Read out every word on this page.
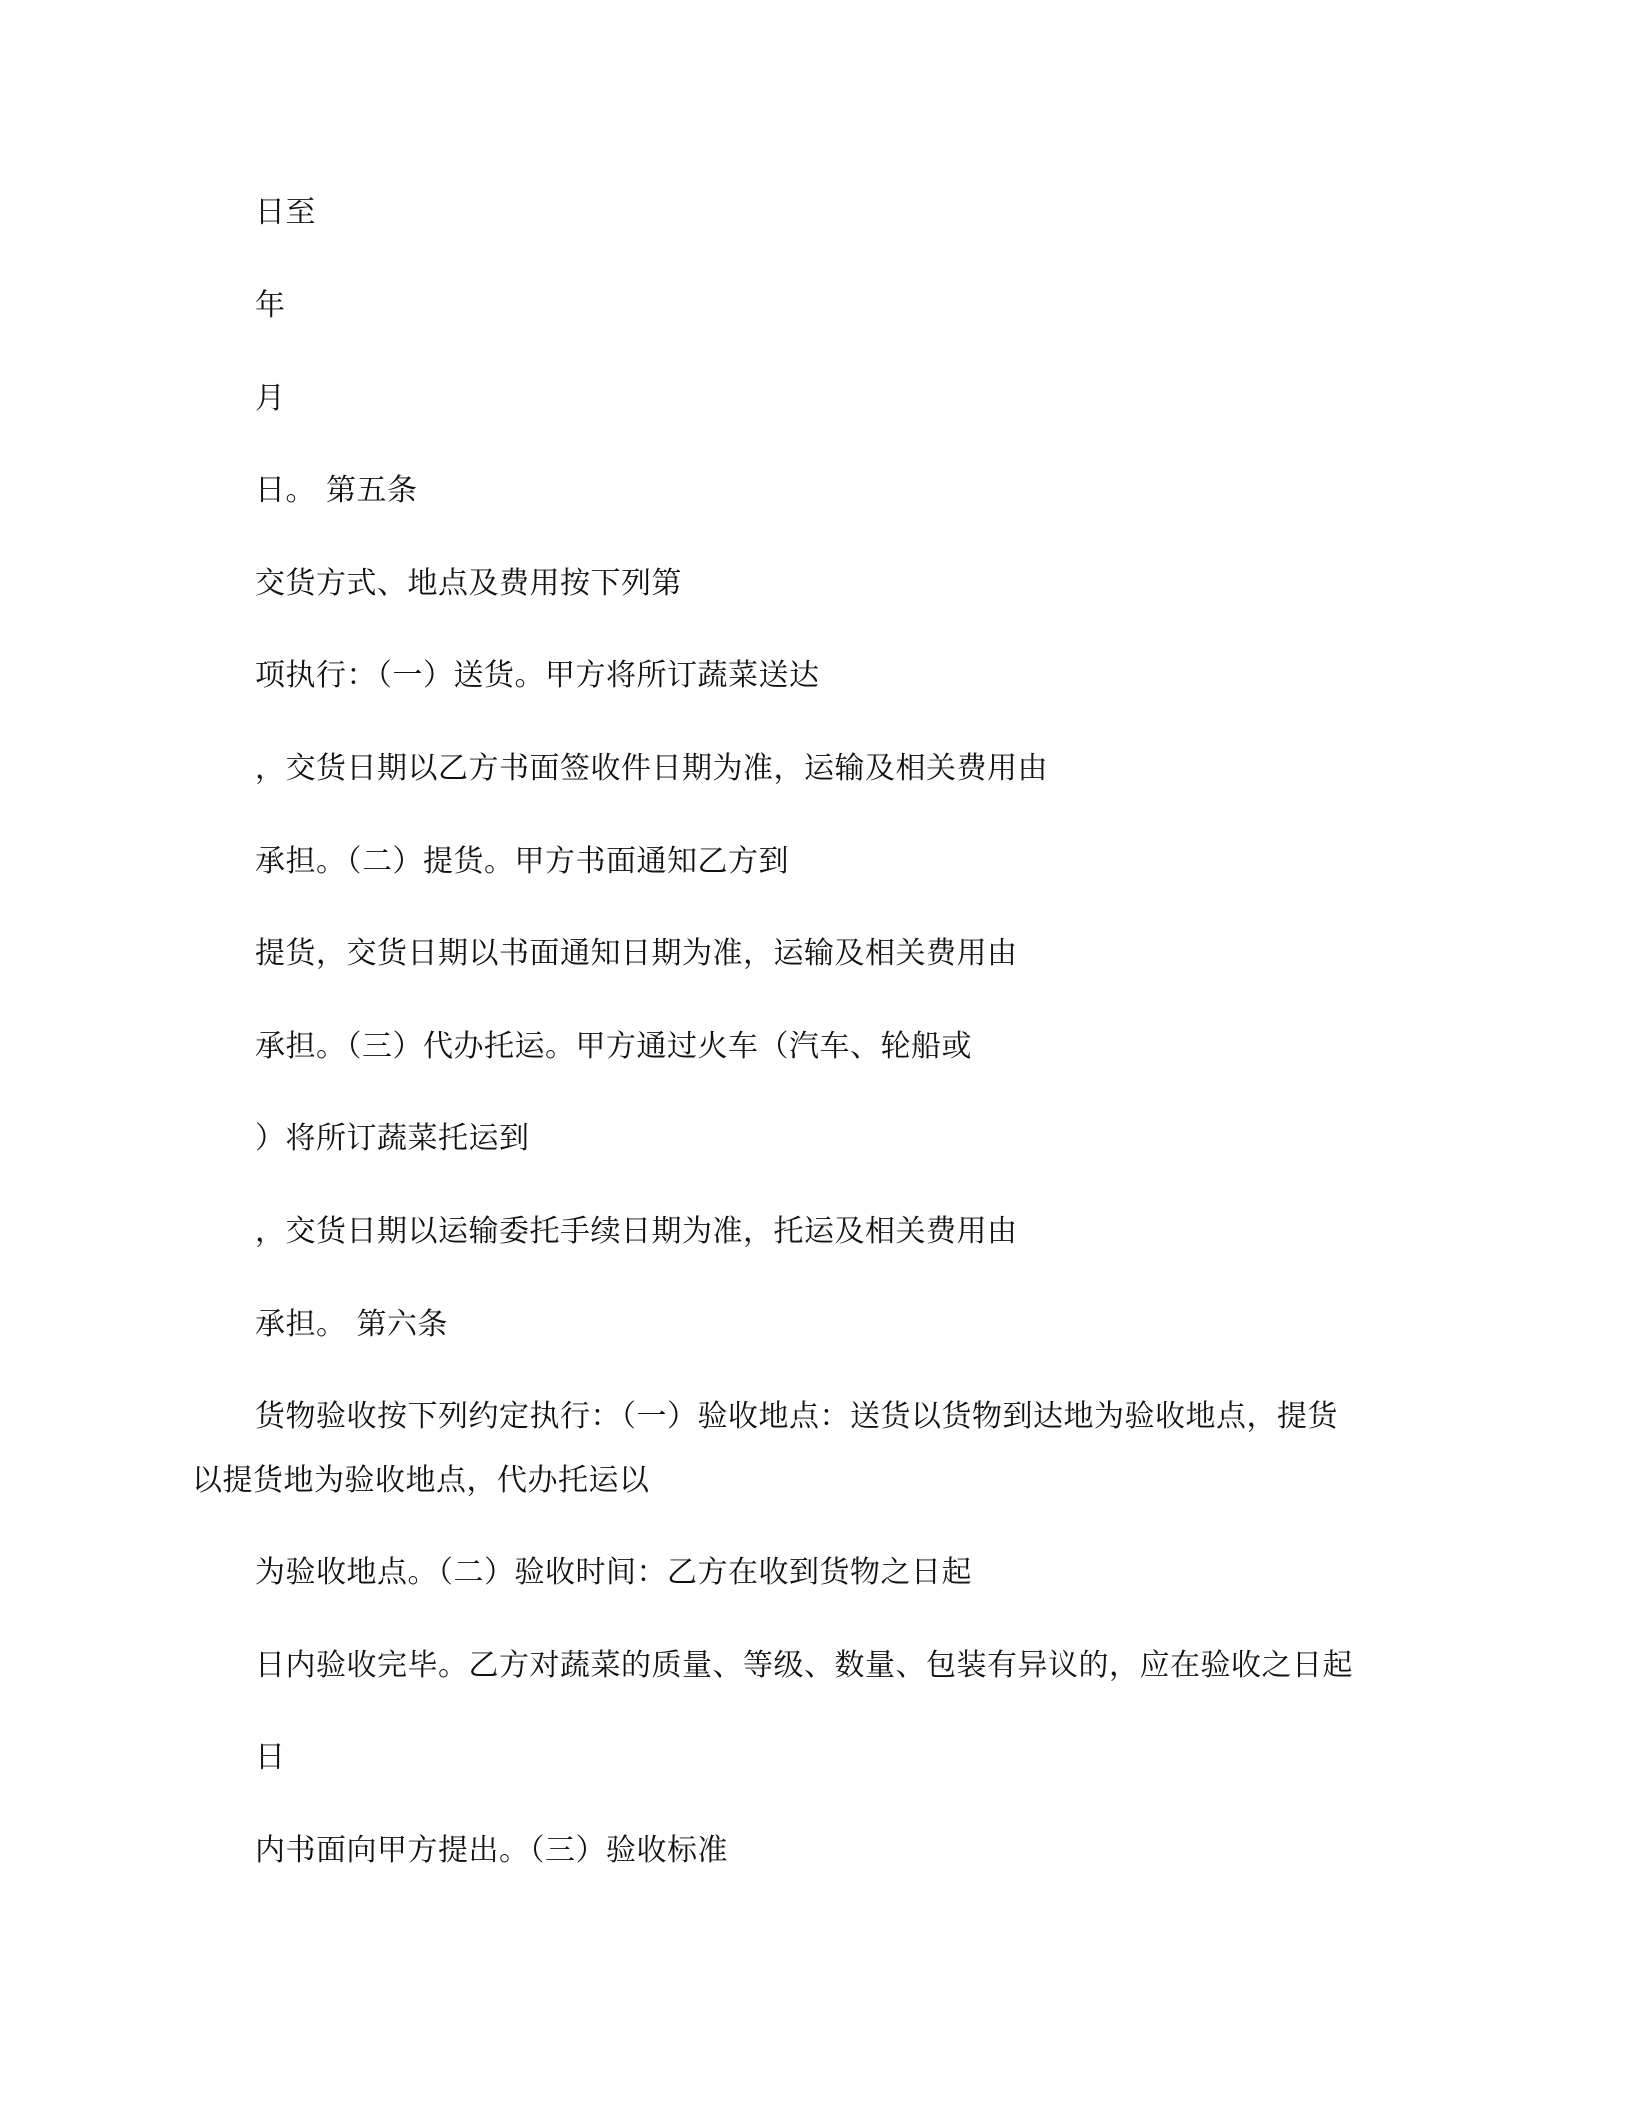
日至
年
月
日。 第五条
交货方式、地点及费用按下列第
项执行：（一）送货。甲方将所订蔬菜送达
，交货日期以乙方书面签收件日期为准，运输及相关费用由
承担。（二）提货。甲方书面通知乙方到
提货，交货日期以书面通知日期为准，运输及相关费用由
承担。（三）代办托运。甲方通过火车（汽车、轮船或
）将所订蔬菜托运到
，交货日期以运输委托手续日期为准，托运及相关费用由
承担。 第六条
货物验收按下列约定执行：（一）验收地点：送货以货物到达地为验收地点，提货
以提货地为验收地点，代办托运以
为验收地点。（二）验收时间：乙方在收到货物之日起
日内验收完毕。乙方对蔬菜的质量、等级、数量、包装有异议的，应在验收之日起
日
内书面向甲方提出。（三）验收标准
